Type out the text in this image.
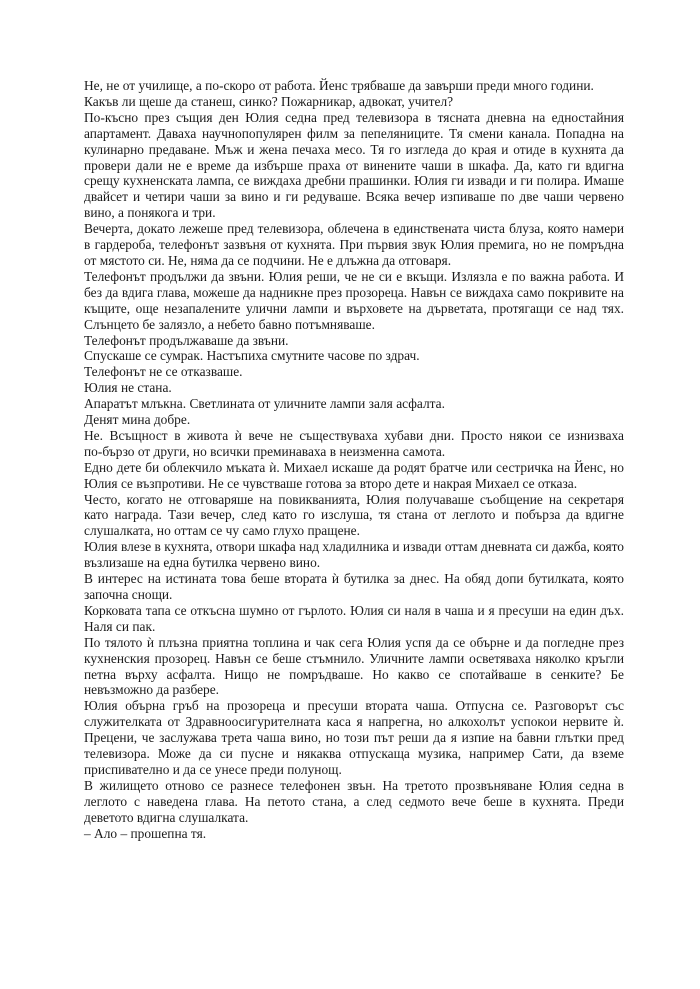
Не, не от училище, а по‑скоро от работа. Йенс трябваше да завърши преди много години.

Какъв ли щеше да станеш, синко? Пожарникар, адвокат, учител?

По‑късно през същия ден Юлия седна пред телевизора в тясната дневна на едностайния апартамент. Даваха научнопопулярен филм за пепеляниците. Тя смени канала. Попадна на кулинарно предаване. Мъж и жена печаха месо. Тя го изгледа до края и отиде в кухнята да провери дали не е време да избърше праха от винените чаши в шкафа. Да, като ги вдигна срещу кухненската лампа, се виждаха дребни прашинки. Юлия ги извади и ги полира. Имаше двайсет и четири чаши за вино и ги редуваше. Всяка вечер изпиваше по две чаши червено вино, а понякога и три.

Вечерта, докато лежеше пред телевизора, облечена в единствената чиста блуза, която намери в гардероба, телефонът зазвъня от кухнята. При първия звук Юлия премига, но не помръдна от мястото си. Не, няма да се подчини. Не е длъжна да отговаря.

Телефонът продължи да звъни. Юлия реши, че не си е вкъщи. Излязла е по важна работа. И без да вдига глава, можеше да надникне през прозореца. Навън се виждаха само покривите на къщите, още незапалените улични лампи и върховете на дърветата, протягащи се над тях. Слънцето бе залязло, а небето бавно потъмняваше.

Телефонът продължаваше да звъни.

Спускаше се сумрак. Настъпиха смутните часове по здрач.

Телефонът не се отказваше.

Юлия не стана.

Апаратът млъкна. Светлината от уличните лампи заля асфалта.

Денят мина добре.

Не. Всъщност в живота ѝ вече не съществуваха хубави дни. Просто някои се изнизваха по‑бързо от други, но всички преминаваха в неизменна самота.

Едно дете би облекчило мъката ѝ. Михаел искаше да родят братче или сестричка на Йенс, но Юлия се възпротиви. Не се чувстваше готова за второ дете и накрая Михаел се отказа.

Често, когато не отговаряше на повикванията, Юлия получаваше съобщение на секретаря като награда. Тази вечер, след като го изслуша, тя стана от леглото и побърза да вдигне слушалката, но оттам се чу само глухо пращене.

Юлия влезе в кухнята, отвори шкафа над хладилника и извади оттам дневната си дажба, която възлизаше на една бутилка червено вино.

В интерес на истината това беше втората ѝ бутилка за днес. На обяд допи бутилката, която започна снощи.

Корковата тапа се откъсна шумно от гърлото. Юлия си наля в чаша и я пресуши на един дъх. Наля си пак.

По тялото ѝ плъзна приятна топлина и чак сега Юлия успя да се обърне и да погледне през кухненския прозорец. Навън се беше стъмнило. Уличните лампи осветяваха няколко кръгли петна върху асфалта. Нищо не помръдваше. Но какво се спотайваше в сенките? Бе невъзможно да разбере.

Юлия обърна гръб на прозореца и пресуши втората чаша. Отпусна се. Разговорът със служителката от Здравноосигурителната каса я напрегна, но алкохолът успокои нервите ѝ. Прецени, че заслужава трета чаша вино, но този път реши да я изпие на бавни глътки пред телевизора. Може да си пусне и някаква отпускаща музика, например Сати, да вземе приспивателно и да се унесе преди полунощ.

В жилището отново се разнесе телефонен звън. На третото прозвъняване Юлия седна в леглото с наведена глава. На петото стана, а след седмото вече беше в кухнята. Преди деветото вдигна слушалката.

– Ало – прошепна тя.
